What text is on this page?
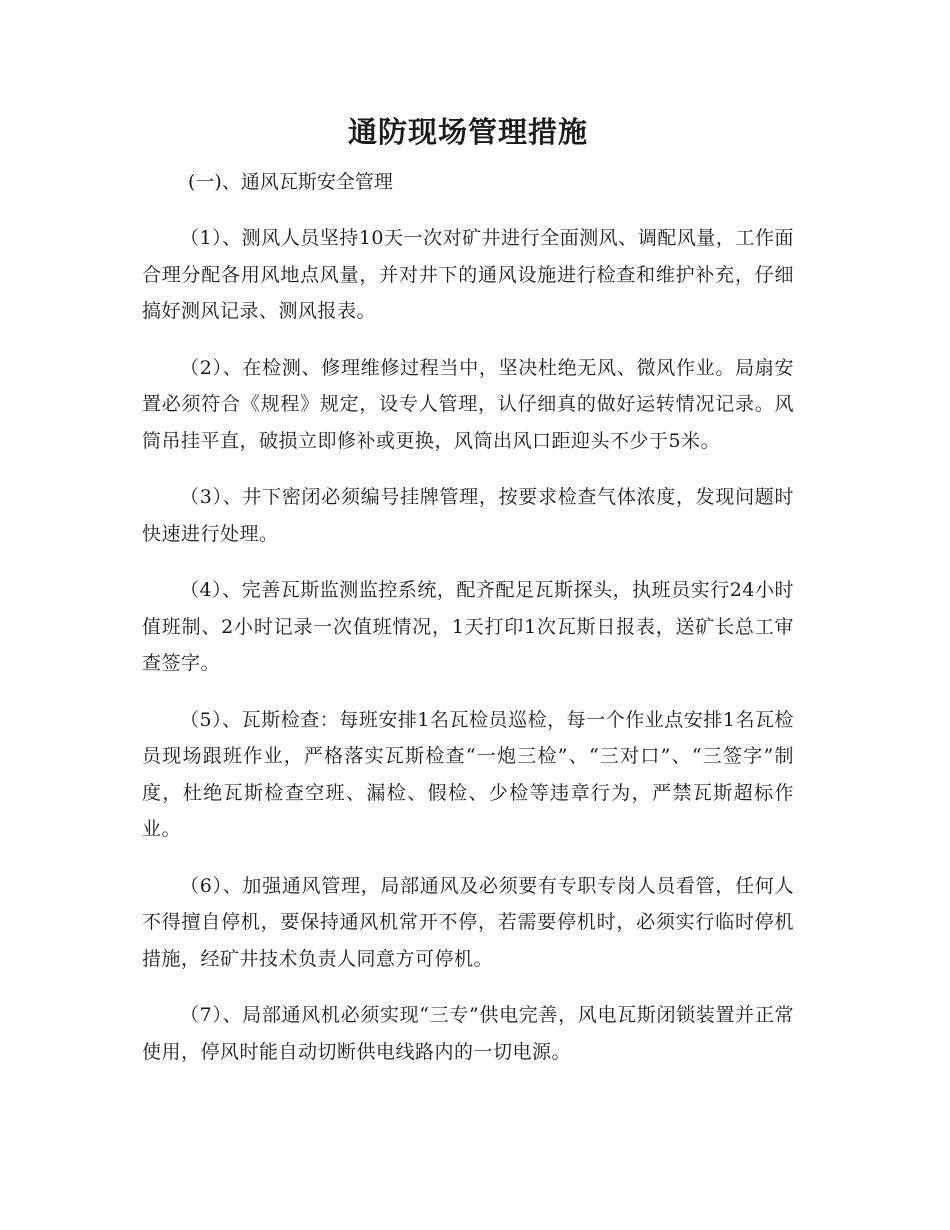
通防现场管理措施

(一)、通风瓦斯安全管理

（1）、测风人员坚持10天一次对矿井进行全面测风、调配风量，工作面合理分配各用风地点风量，并对井下的通风设施进行检查和维护补充，仔细搞好测风记录、测风报表。

（2）、在检测、修理维修过程当中，坚决杜绝无风、微风作业。局扇安置必须符合《规程》规定，设专人管理，认仔细真的做好运转情况记录。风筒吊挂平直，破损立即修补或更换，风筒出风口距迎头不少于5米。

（3）、井下密闭必须编号挂牌管理，按要求检查气体浓度，发现问题时快速进行处理。

（4）、完善瓦斯监测监控系统，配齐配足瓦斯探头，执班员实行24小时值班制、2小时记录一次值班情况，1天打印1次瓦斯日报表，送矿长总工审查签字。

（5）、瓦斯检查：每班安排1名瓦检员巡检，每一个作业点安排1名瓦检员现场跟班作业，严格落实瓦斯检查“一炮三检”、“三对口”、“三签字”制度，杜绝瓦斯检查空班、漏检、假检、少检等违章行为，严禁瓦斯超标作业。

（6）、加强通风管理，局部通风及必须要有专职专岗人员看管，任何人不得擅自停机，要保持通风机常开不停，若需要停机时，必须实行临时停机措施，经矿井技术负责人同意方可停机。

（7）、局部通风机必须实现“三专”供电完善，风电瓦斯闭锁装置并正常使用，停风时能自动切断供电线路内的一切电源。
